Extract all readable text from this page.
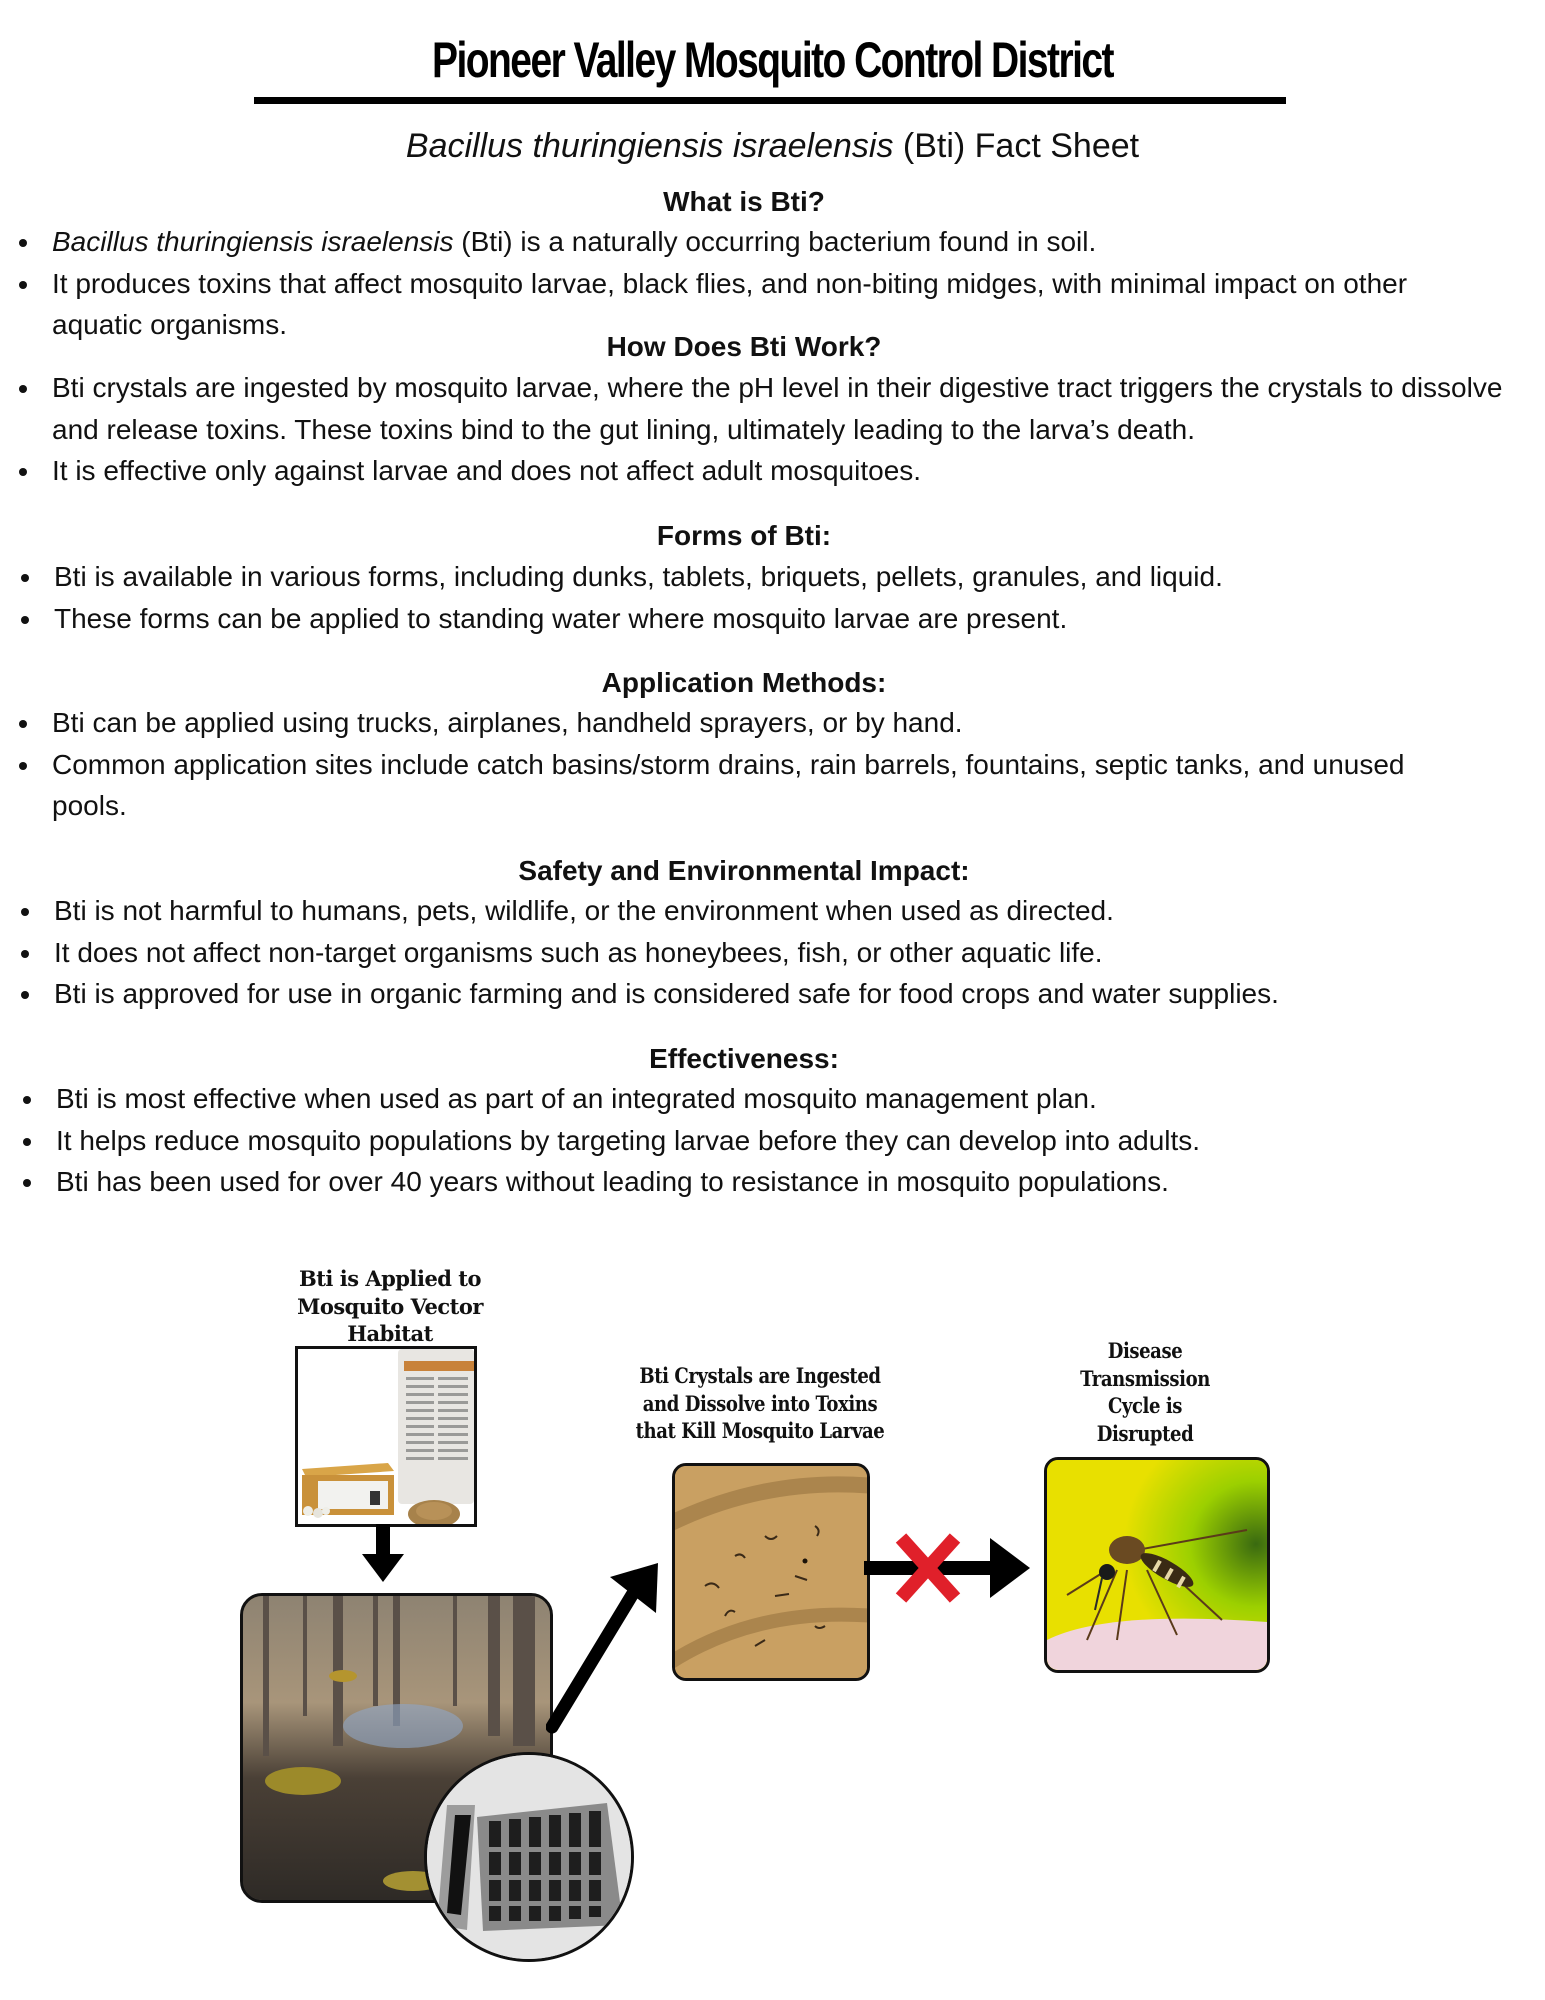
Pioneer Valley Mosquito Control District
Bacillus thuringiensis israelensis (Bti) Fact Sheet
What is Bti?
Bacillus thuringiensis israelensis (Bti) is a naturally occurring bacterium found in soil.
It produces toxins that affect mosquito larvae, black flies, and non-biting midges, with minimal impact on other aquatic organisms.
How Does Bti Work?
Bti crystals are ingested by mosquito larvae, where the pH level in their digestive tract triggers the crystals to dissolve and release toxins. These toxins bind to the gut lining, ultimately leading to the larva’s death.
It is effective only against larvae and does not affect adult mosquitoes.
Forms of Bti:
Bti is available in various forms, including dunks, tablets, briquets, pellets, granules, and liquid.
These forms can be applied to standing water where mosquito larvae are present.
Application Methods:
Bti can be applied using trucks, airplanes, handheld sprayers, or by hand.
Common application sites include catch basins/storm drains, rain barrels, fountains, septic tanks, and unused pools.
Safety and Environmental Impact:
Bti is not harmful to humans, pets, wildlife, or the environment when used as directed.
It does not affect non-target organisms such as honeybees, fish, or other aquatic life.
Bti is approved for use in organic farming and is considered safe for food crops and water supplies.
Effectiveness:
Bti is most effective when used as part of an integrated mosquito management plan.
It helps reduce mosquito populations by targeting larvae before they can develop into adults.
Bti has been used for over 40 years without leading to resistance in mosquito populations.
Bti is Applied to
Mosquito Vector
Habitat
Bti Crystals are Ingested
and Dissolve into Toxins
that Kill Mosquito Larvae
Disease
Transmission
Cycle is
Disrupted
